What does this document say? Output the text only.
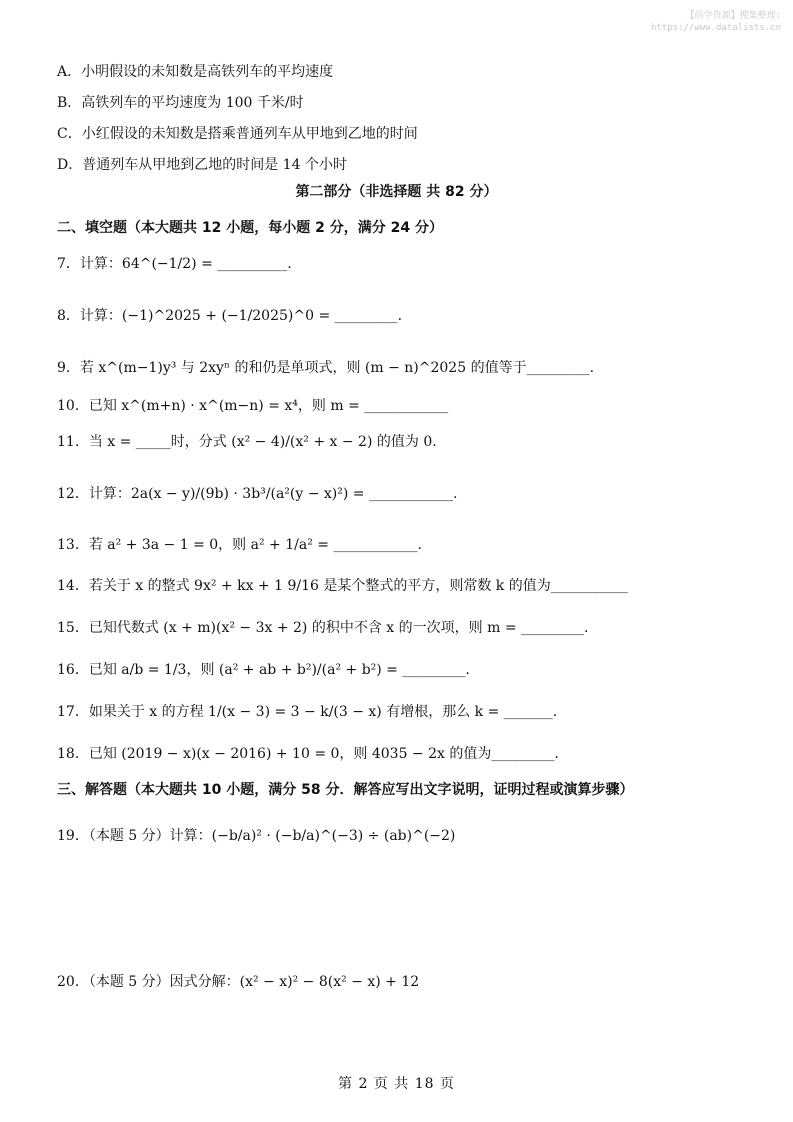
【尚学资源】搜集整理:
https://www.datalists.cn
A．小明假设的未知数是高铁列车的平均速度
B．高铁列车的平均速度为 100 千米/时
C．小红假设的未知数是搭乘普通列车从甲地到乙地的时间
D．普通列车从甲地到乙地的时间是 14 个小时
第二部分（非选择题 共 82 分）
二、填空题（本大题共 12 小题，每小题 2 分，满分 24 分）
7．计算：64^(−1/2) = __________.
8．计算：(−1)^2025 + (−1/2025)^0 = _________.
9．若 x^(m−1)y³ 与 2xyⁿ 的和仍是单项式，则 (m − n)^2025 的值等于_________.
10．已知 x^(m+n) · x^(m−n) = x⁴，则 m = ____________
11．当 x = _____时，分式 (x² − 4)/(x² + x − 2) 的值为 0.
12．计算：2a(x − y)/(9b) · 3b³/(a²(y − x)²) = ____________.
13．若 a² + 3a − 1 = 0，则 a² + 1/a² = ____________.
14．若关于 x 的整式 9x² + kx + 1 9/16 是某个整式的平方，则常数 k 的值为___________
15．已知代数式 (x + m)(x² − 3x + 2) 的积中不含 x 的一次项，则 m = _________.
16．已知 a/b = 1/3，则 (a² + ab + b²)/(a² + b²) = _________.
17．如果关于 x 的方程 1/(x − 3) = 3 − k/(3 − x) 有增根，那么 k = _______.
18．已知 (2019 − x)(x − 2016) + 10 = 0，则 4035 − 2x 的值为_________.
三、解答题（本大题共 10 小题，满分 58 分．解答应写出文字说明，证明过程或演算步骤）
19．（本题 5 分）计算：(−b/a)² · (−b/a)^(−3) ÷ (ab)^(−2)
20．（本题 5 分）因式分解：(x² − x)² − 8(x² − x) + 12
第 2 页 共 18 页
